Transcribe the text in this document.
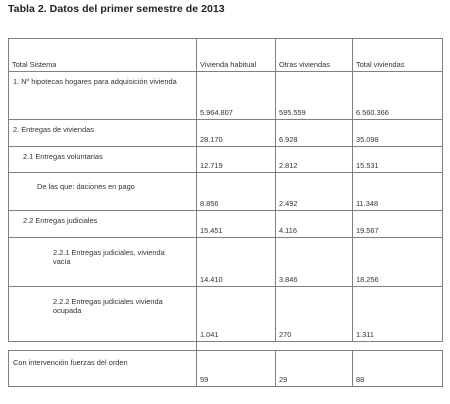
Tabla 2. Datos del primer semestre de 2013
Total Sistema	Vivienda habitual	Otras viviendas	Total viviendas
1. Nº hipotecas hogares para adquisición vivienda	5.964.807	595.559	6.560.366
2. Entregas de viviendas	28.170	6.928	35.098
2.1 Entregas voluntarias	12.719	2.812	15.531
De las que: daciones en pago	8.856	2.492	11.348
2.2 Entregas judiciales	15.451	4.116	19.567
2.2.1 Entregas judiciales, vivienda vacía	14.410	3.846	18.256
2.2.2 Entregas judiciales vivienda ocupada	1.041	270	1.311

Con intervención fuerzas del orden	59	29	88
